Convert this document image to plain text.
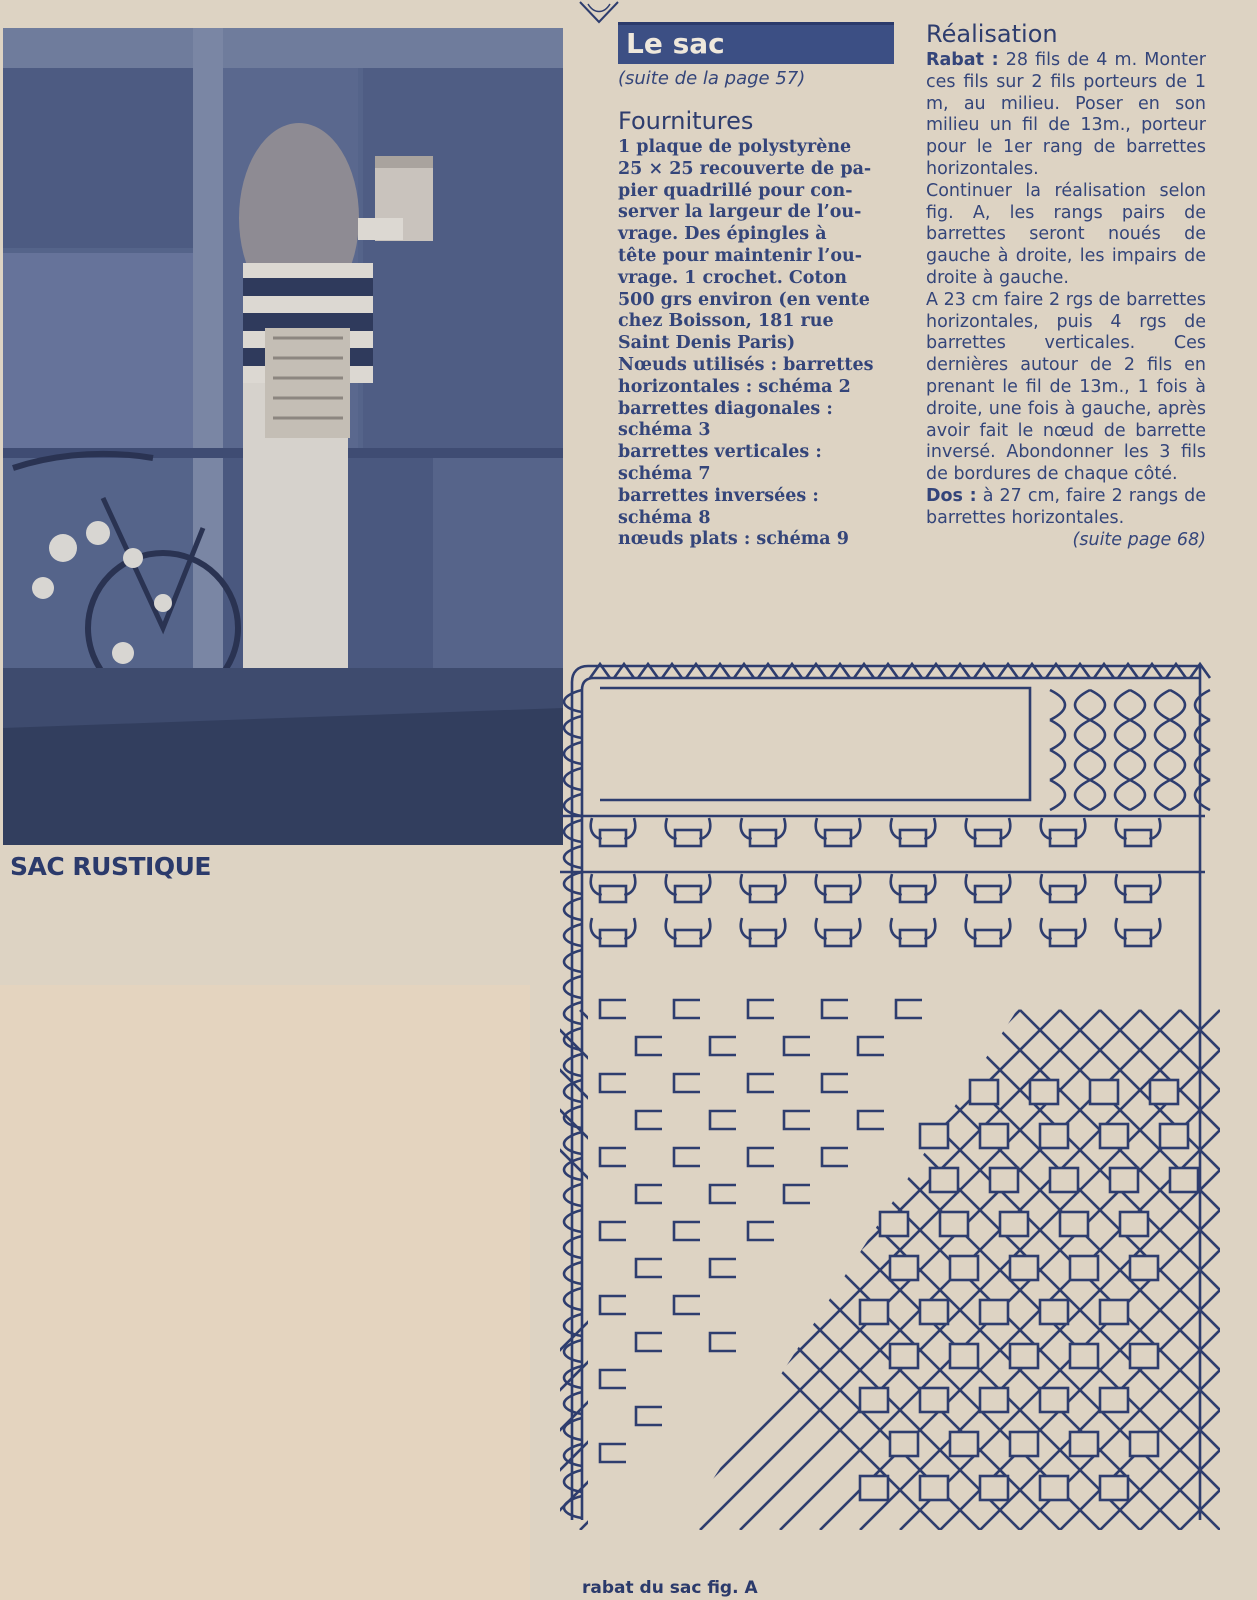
SAC RUSTIQUE
Le sac
(suite de la page 57)
Fournitures

1 plaque de polystyrène

25 × 25 recouverte de pa-

pier quadrillé pour con-

server la largeur de l’ou-

vrage. Des épingles à

tête pour maintenir l’ou-

vrage. 1 crochet. Coton

500 grs environ (en vente

chez Boisson, 181 rue

Saint Denis Paris)

Nœuds utilisés : barrettes

horizontales : schéma 2

barrettes diagonales :

schéma 3

barrettes verticales :

schéma 7

barrettes inversées :

schéma 8

nœuds plats : schéma 9

Réalisation

Rabat : 28 fils de 4 m. Monter ces fils sur 2 fils porteurs de 1 m, au milieu. Poser en son milieu un fil de 13m., porteur pour le 1er rang de barrettes horizontales.

Continuer la réalisation selon fig. A, les rangs pairs de barrettes seront noués de gauche à droite, les impairs de droite à gauche.

A 23 cm faire 2 rgs de barrettes horizontales, puis 4 rgs de barrettes verticales. Ces dernières autour de 2 fils en prenant le fil de 13m., 1 fois à droite, une fois à gauche, après avoir fait le nœud de barrette inversé. Abondonner les 3 fils de bordures de chaque côté.

Dos : à 27 cm, faire 2 rangs de barrettes horizontales.

(suite page 68)
rabat du sac fig. A
